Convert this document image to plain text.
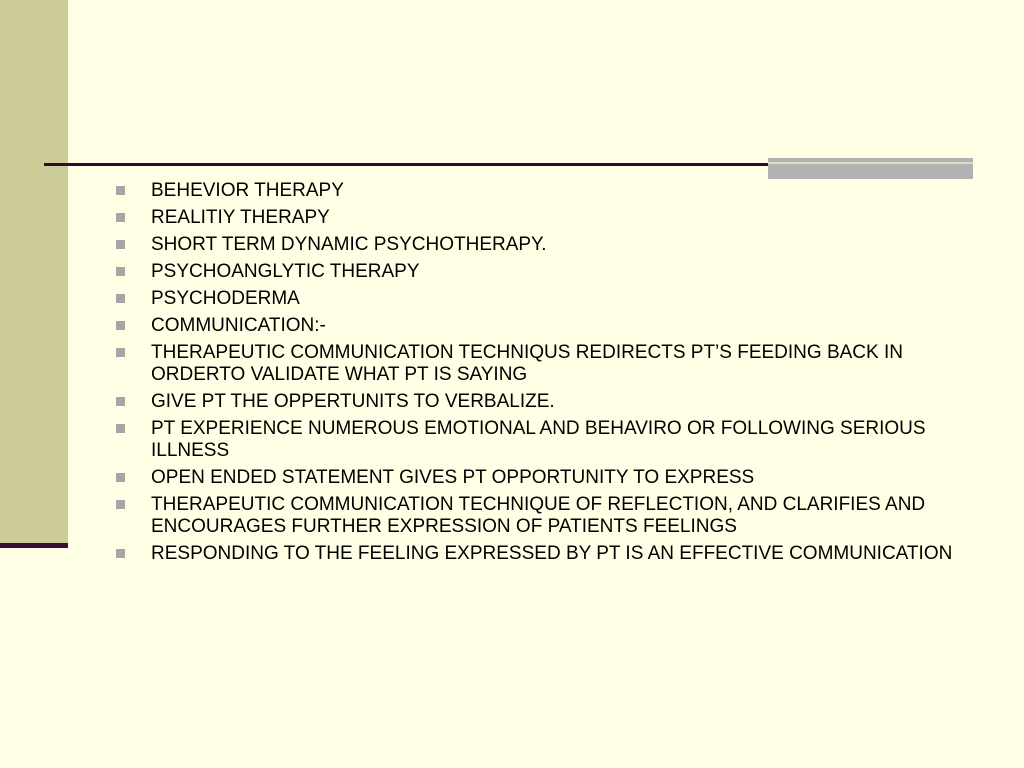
BEHEVIOR THERAPY
REALITIY THERAPY
SHORT TERM DYNAMIC PSYCHOTHERAPY.
PSYCHOANGLYTIC THERAPY
PSYCHODERMA
COMMUNICATION:-
THERAPEUTIC COMMUNICATION TECHNIQUS REDIRECTS PT’S FEEDING BACK IN ORDERTO VALIDATE WHAT PT IS SAYING
GIVE PT THE OPPERTUNITS TO VERBALIZE.
PT EXPERIENCE NUMEROUS EMOTIONAL AND BEHAVIRO OR FOLLOWING SERIOUS ILLNESS
OPEN ENDED STATEMENT GIVES PT OPPORTUNITY TO EXPRESS
THERAPEUTIC COMMUNICATION TECHNIQUE OF REFLECTION, AND CLARIFIES AND ENCOURAGES FURTHER EXPRESSION OF PATIENTS FEELINGS
RESPONDING TO THE FEELING EXPRESSED BY PT IS AN EFFECTIVE COMMUNICATION
